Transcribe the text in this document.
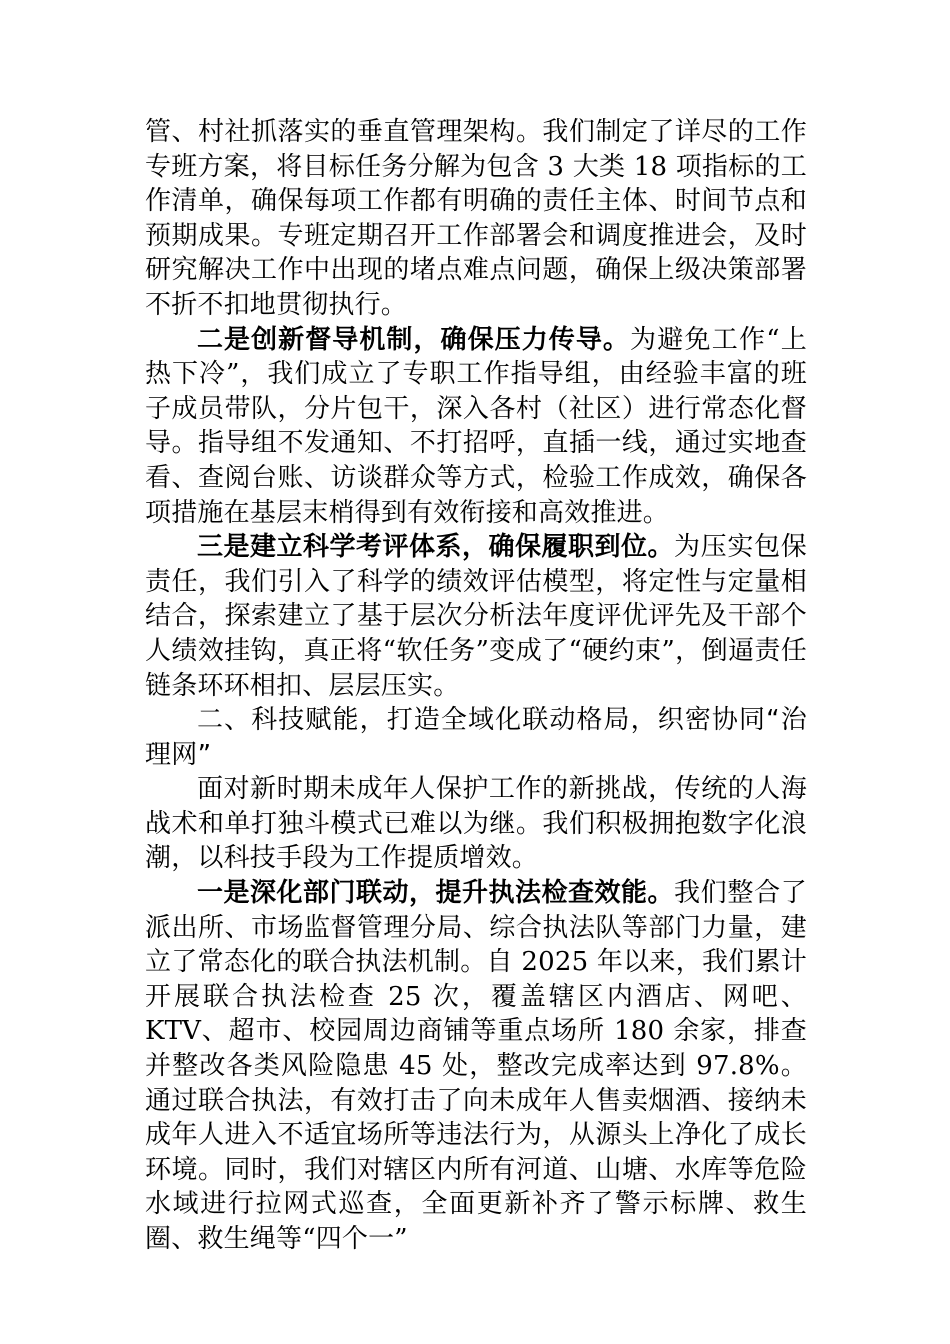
管、村社抓落实的垂直管理架构。我们制定了详尽的工作专班方案，将目标任务分解为包含 3 大类 18 项指标的工作清单，确保每项工作都有明确的责任主体、时间节点和预期成果。专班定期召开工作部署会和调度推进会，及时研究解决工作中出现的堵点难点问题，确保上级决策部署不折不扣地贯彻执行。

二是创新督导机制，确保压力传导。为避免工作“上热下冷”，我们成立了专职工作指导组，由经验丰富的班子成员带队，分片包干，深入各村（社区）进行常态化督导。指导组不发通知、不打招呼，直插一线，通过实地查看、查阅台账、访谈群众等方式，检验工作成效，确保各项措施在基层末梢得到有效衔接和高效推进。

三是建立科学考评体系，确保履职到位。为压实包保责任，我们引入了科学的绩效评估模型，将定性与定量相结合，探索建立了基于层次分析法年度评优评先及干部个人绩效挂钩，真正将“软任务”变成了“硬约束”，倒逼责任链条环环相扣、层层压实。

二、科技赋能，打造全域化联动格局，织密协同“治理网”

面对新时期未成年人保护工作的新挑战，传统的人海战术和单打独斗模式已难以为继。我们积极拥抱数字化浪潮，以科技手段为工作提质增效。

一是深化部门联动，提升执法检查效能。我们整合了派出所、市场监督管理分局、综合执法队等部门力量，建立了常态化的联合执法机制。自 2025 年以来，我们累计开展联合执法检查 25 次，覆盖辖区内酒店、网吧、KTV、超市、校园周边商铺等重点场所 180 余家，排查并整改各类风险隐患 45 处，整改完成率达到 97.8%。通过联合执法，有效打击了向未成年人售卖烟酒、接纳未成年人进入不适宜场所等违法行为，从源头上净化了成长环境。同时，我们对辖区内所有河道、山塘、水库等危险水域进行拉网式巡查，全面更新补齐了警示标牌、救生圈、救生绳等“四个一”
